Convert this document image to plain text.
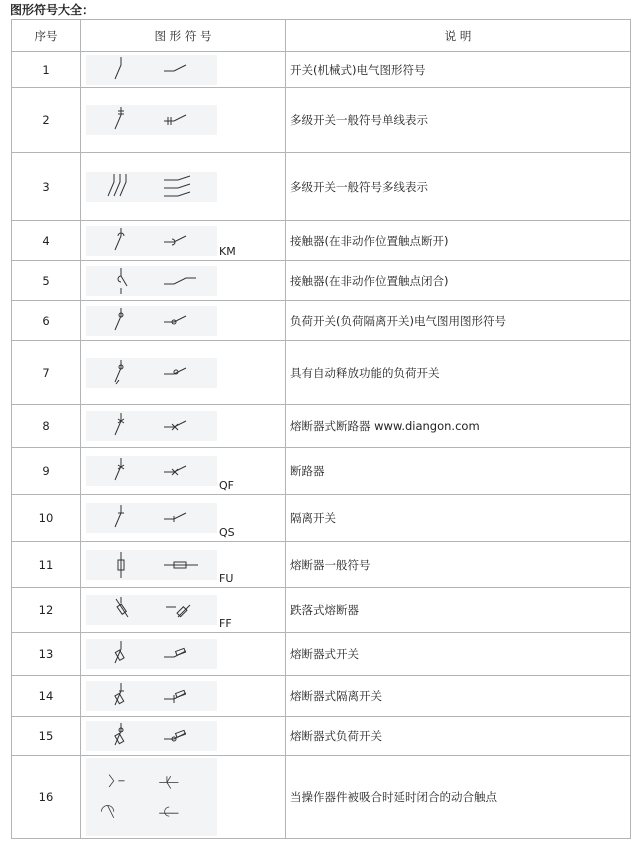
图形符号大全：
序号	图 形 符 号	说 明
1		开关(机械式)电气图形符号
2		多级开关一般符号单线表示
3		多级开关一般符号多线表示
4	KM	接触器(在非动作位置触点断开)
5		接触器(在非动作位置触点闭合)
6		负荷开关(负荷隔离开关)电气图用图形符号
7		具有自动释放功能的负荷开关
8		熔断器式断路器 www.diangon.com
9	QF	断路器
10	QS	隔离开关
11	FU	熔断器一般符号
12	FF	跌落式熔断器
13		熔断器式开关
14		熔断器式隔离开关
15		熔断器式负荷开关
16		当操作器件被吸合时延时闭合的动合触点
